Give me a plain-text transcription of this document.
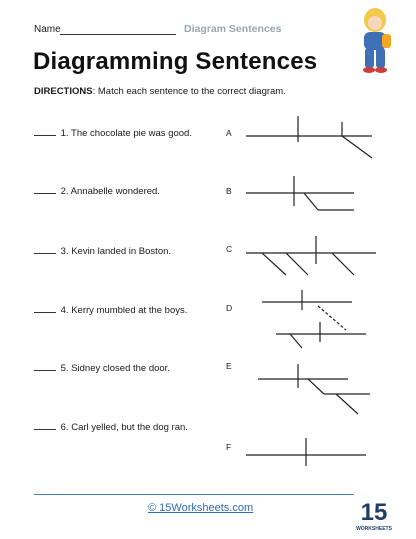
Name	Diagram Sentences
Diagramming Sentences
DIRECTIONS: Match each sentence to the correct diagram.
1. The chocolate pie was good.
2. Annabelle wondered.
3. Kevin landed in Boston.
4. Kerry mumbled at the boys.
5. Sidney closed the door.
6. Carl yelled, but the dog ran.
A
B
C
D
E
F
© 15Worksheets.com	15
WORKSHEETS
